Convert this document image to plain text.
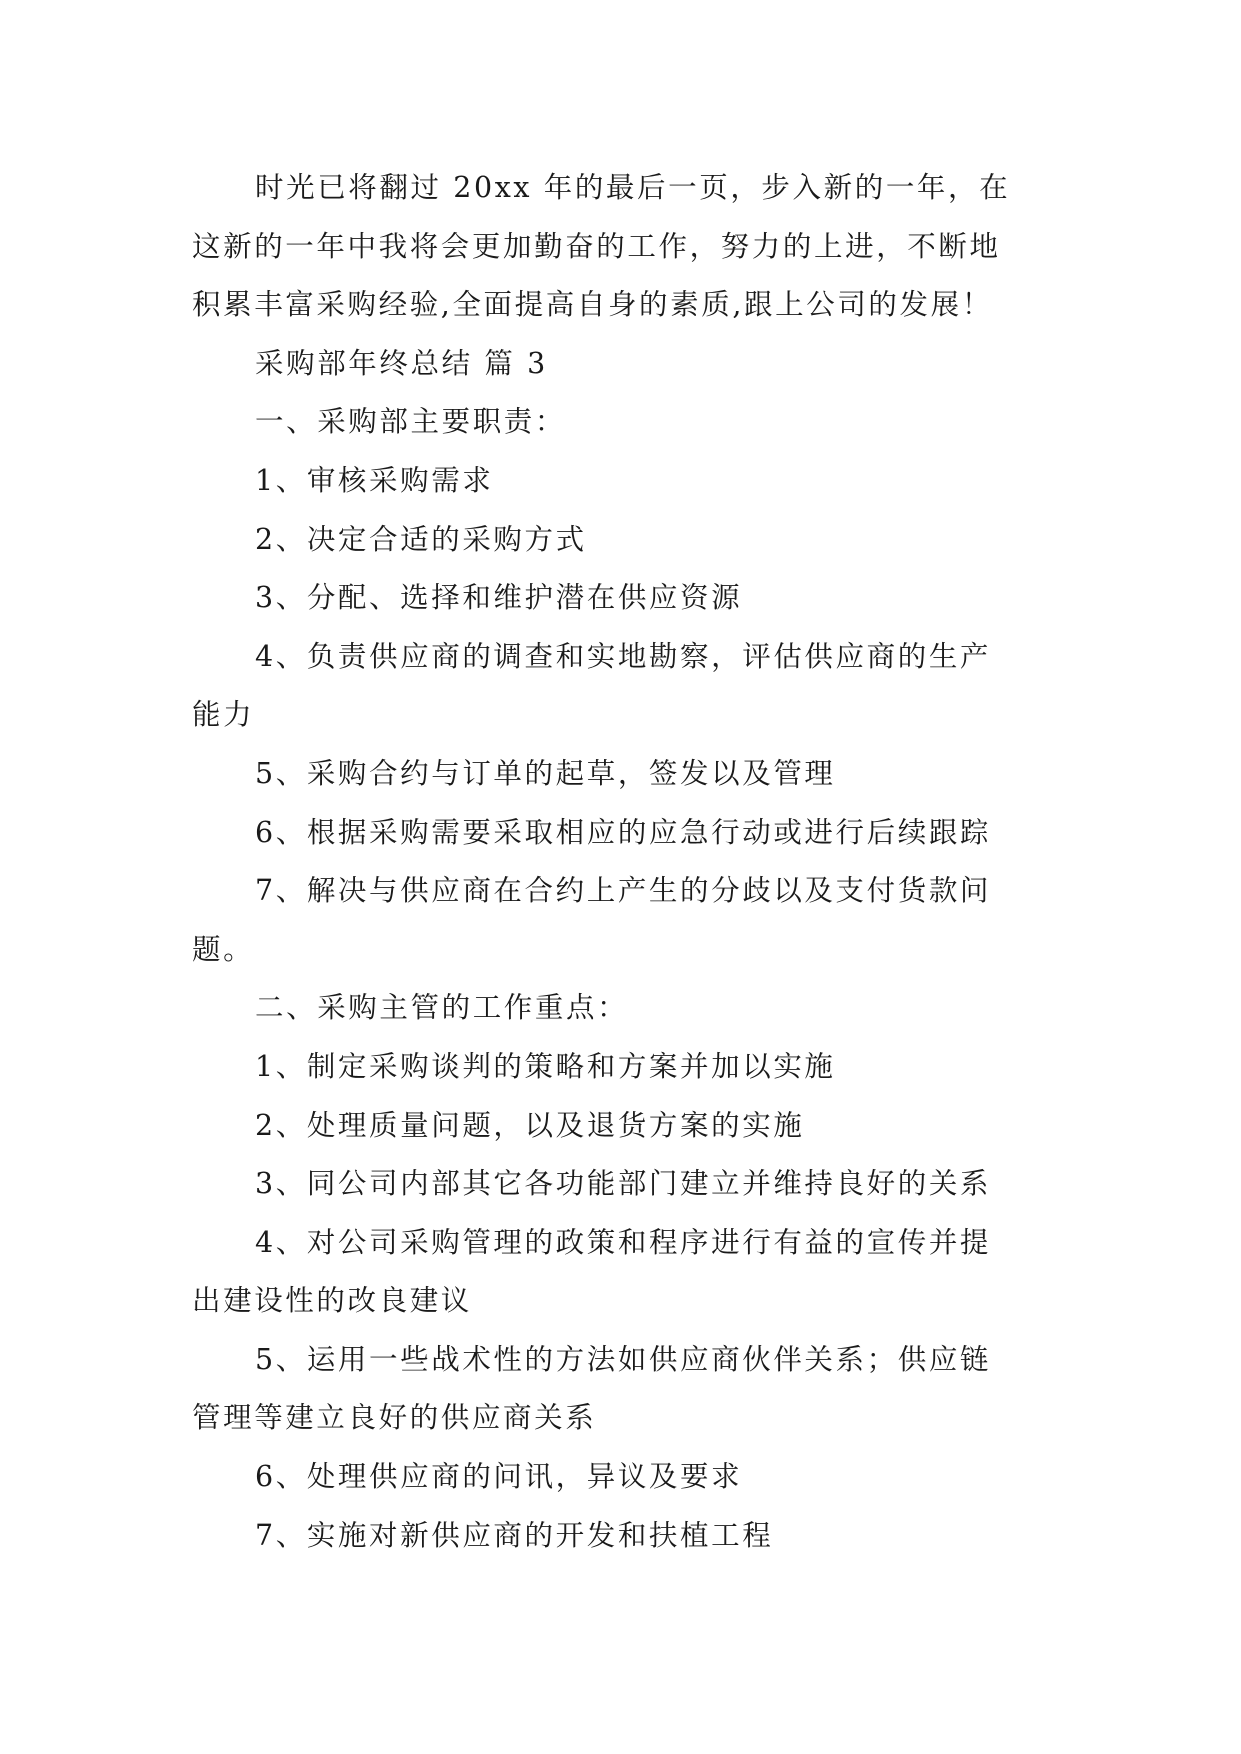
时光已将翻过 20xx 年的最后一页，步入新的一年，在
这新的一年中我将会更加勤奋的工作，努力的上进，不断地
积累丰富采购经验,全面提高自身的素质,跟上公司的发展！
采购部年终总结 篇 3
一、采购部主要职责：
1、审核采购需求
2、决定合适的采购方式
3、分配、选择和维护潜在供应资源
4、负责供应商的调查和实地勘察，评估供应商的生产
能力
5、采购合约与订单的起草，签发以及管理
6、根据采购需要采取相应的应急行动或进行后续跟踪
7、解决与供应商在合约上产生的分歧以及支付货款问
题。
二、采购主管的工作重点：
1、制定采购谈判的策略和方案并加以实施
2、处理质量问题，以及退货方案的实施
3、同公司内部其它各功能部门建立并维持良好的关系
4、对公司采购管理的政策和程序进行有益的宣传并提
出建设性的改良建议
5、运用一些战术性的方法如供应商伙伴关系；供应链
管理等建立良好的供应商关系
6、处理供应商的问讯，异议及要求
7、实施对新供应商的开发和扶植工程
